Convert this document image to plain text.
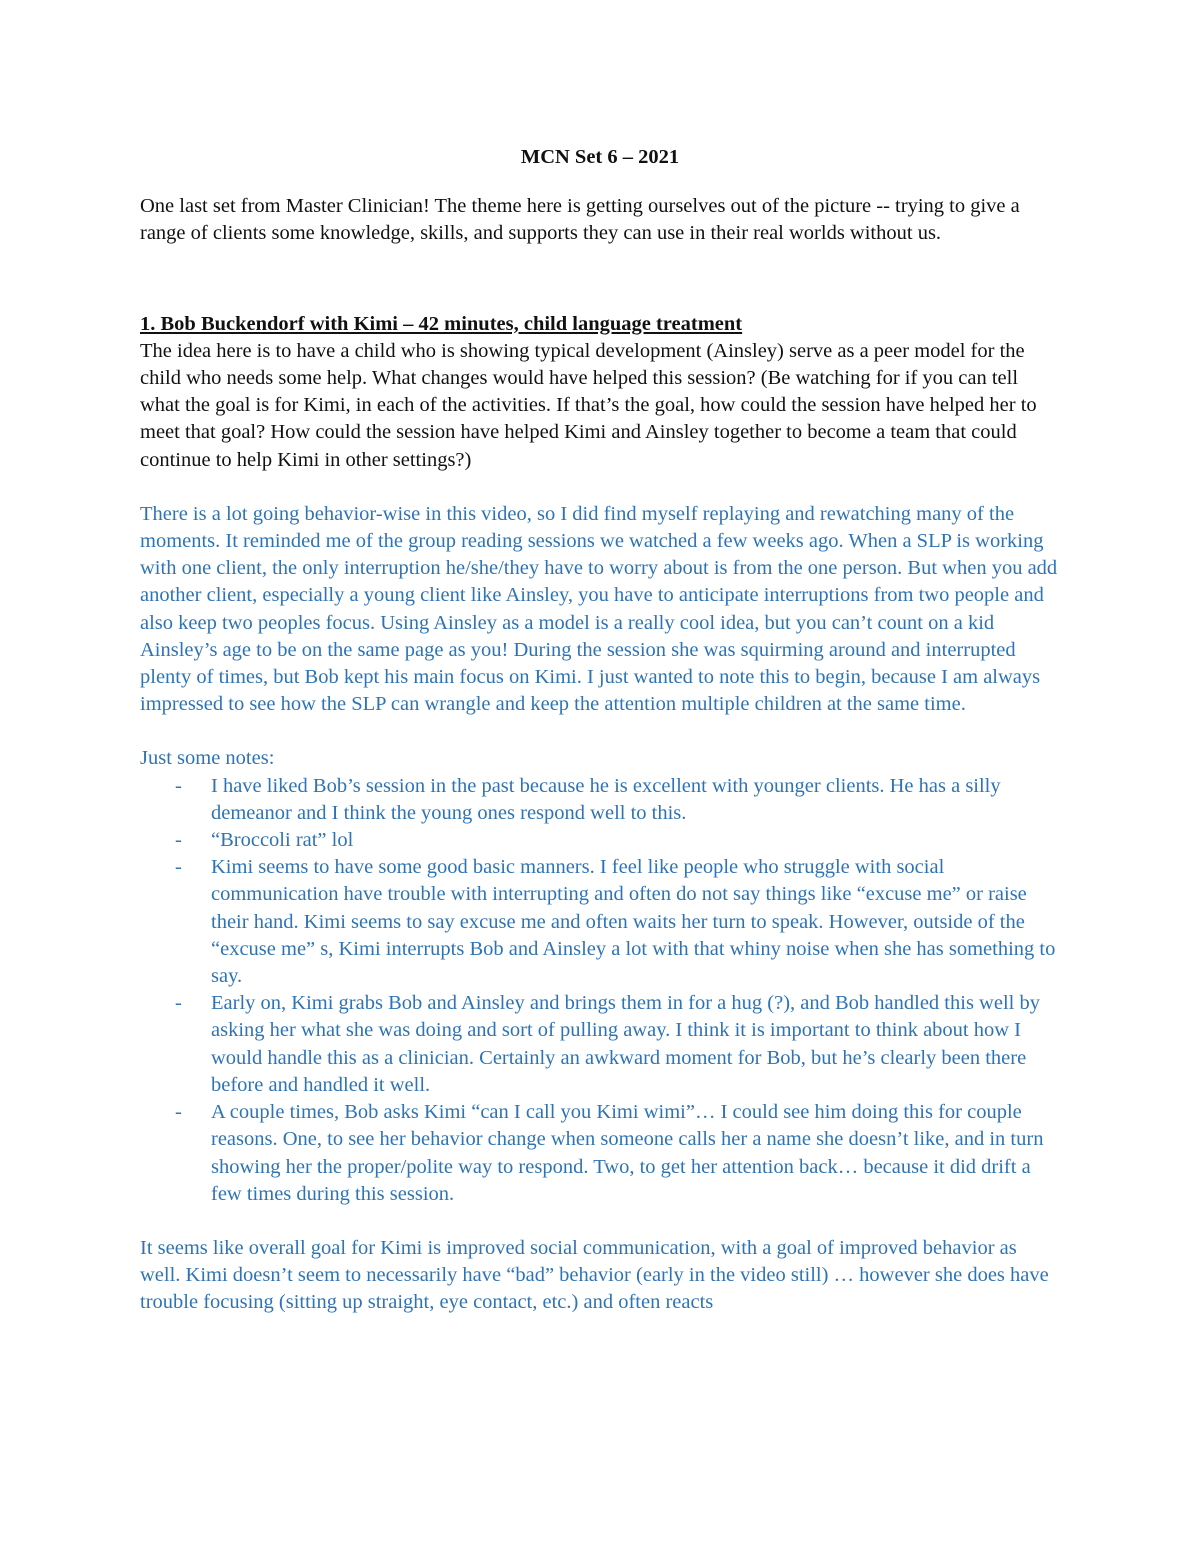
MCN Set 6 – 2021

One last set from Master Clinician! The theme here is getting ourselves out of the picture -- trying to give a range of clients some knowledge, skills, and supports they can use in their real worlds without us.

1. Bob Buckendorf with Kimi – 42 minutes, child language treatment

The idea here is to have a child who is showing typical development (Ainsley) serve as a peer model for the child who needs some help. What changes would have helped this session? (Be watching for if you can tell what the goal is for Kimi, in each of the activities. If that’s the goal, how could the session have helped her to meet that goal? How could the session have helped Kimi and Ainsley together to become a team that could continue to help Kimi in other settings?)

There is a lot going behavior-wise in this video, so I did find myself replaying and rewatching many of the moments. It reminded me of the group reading sessions we watched a few weeks ago. When a SLP is working with one client, the only interruption he/she/they have to worry about is from the one person. But when you add another client, especially a young client like Ainsley, you have to anticipate interruptions from two people and also keep two peoples focus. Using Ainsley as a model is a really cool idea, but you can’t count on a kid Ainsley’s age to be on the same page as you! During the session she was squirming around and interrupted plenty of times, but Bob kept his main focus on Kimi. I just wanted to note this to begin, because I am always impressed to see how the SLP can wrangle and keep the attention multiple children at the same time.

Just some notes:

- I have liked Bob’s session in the past because he is excellent with younger clients. He has a silly demeanor and I think the young ones respond well to this.
- “Broccoli rat” lol
- Kimi seems to have some good basic manners. I feel like people who struggle with social communication have trouble with interrupting and often do not say things like “excuse me” or raise their hand. Kimi seems to say excuse me and often waits her turn to speak. However, outside of the “excuse me” s, Kimi interrupts Bob and Ainsley a lot with that whiny noise when she has something to say.
- Early on, Kimi grabs Bob and Ainsley and brings them in for a hug (?), and Bob handled this well by asking her what she was doing and sort of pulling away. I think it is important to think about how I would handle this as a clinician. Certainly an awkward moment for Bob, but he’s clearly been there before and handled it well.
- A couple times, Bob asks Kimi “can I call you Kimi wimi”… I could see him doing this for couple reasons. One, to see her behavior change when someone calls her a name she doesn’t like, and in turn showing her the proper/polite way to respond. Two, to get her attention back… because it did drift a few times during this session.

It seems like overall goal for Kimi is improved social communication, with a goal of improved behavior as well. Kimi doesn’t seem to necessarily have “bad” behavior (early in the video still) … however she does have trouble focusing (sitting up straight, eye contact, etc.) and often reacts
